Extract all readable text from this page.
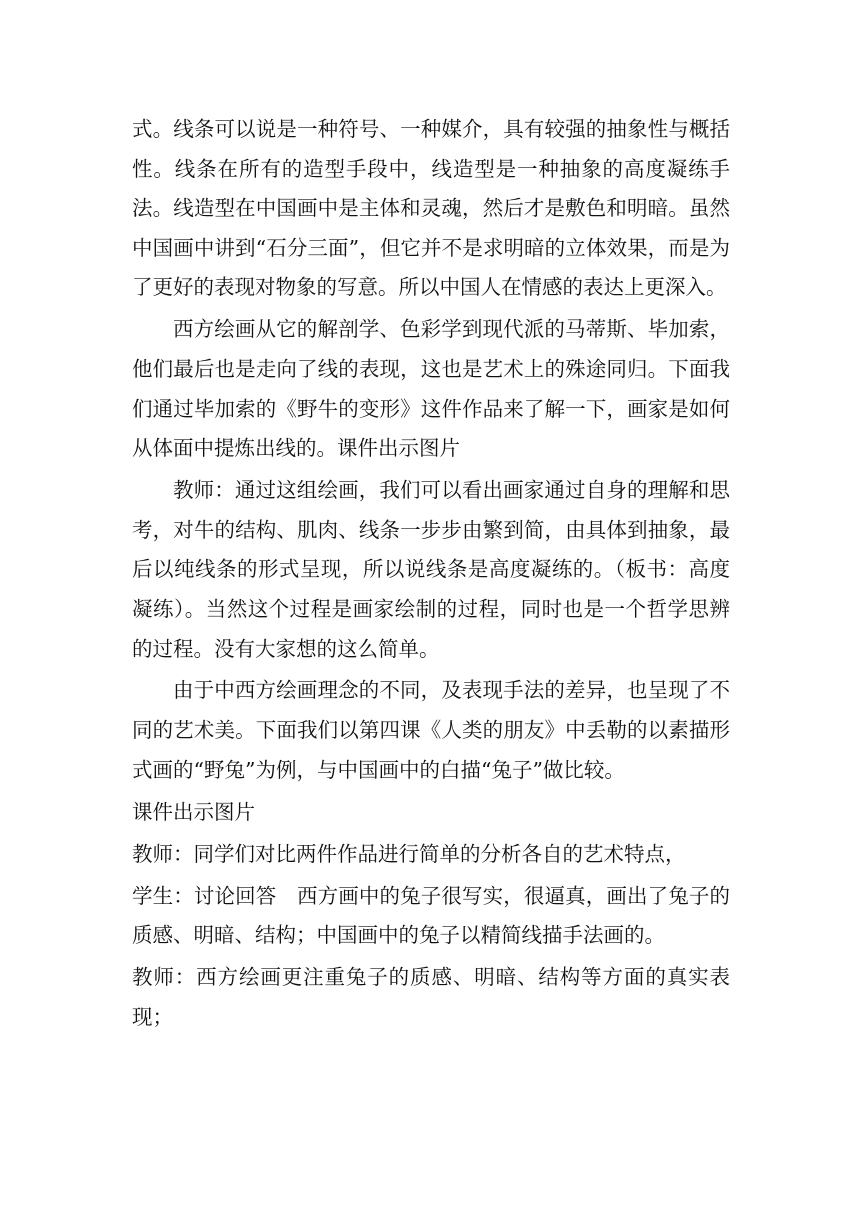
式。线条可以说是一种符号、一种媒介，具有较强的抽象性与概括性。线条在所有的造型手段中，线造型是一种抽象的高度凝练手法。线造型在中国画中是主体和灵魂，然后才是敷色和明暗。虽然中国画中讲到“石分三面”，但它并不是求明暗的立体效果，而是为了更好的表现对物象的写意。所以中国人在情感的表达上更深入。

西方绘画从它的解剖学、色彩学到现代派的马蒂斯、毕加索，他们最后也是走向了线的表现，这也是艺术上的殊途同归。下面我们通过毕加索的《野牛的变形》这件作品来了解一下，画家是如何从体面中提炼出线的。课件出示图片

教师：通过这组绘画，我们可以看出画家通过自身的理解和思考，对牛的结构、肌肉、线条一步步由繁到简，由具体到抽象，最后以纯线条的形式呈现，所以说线条是高度凝练的。（板书：高度凝练）。当然这个过程是画家绘制的过程，同时也是一个哲学思辨的过程。没有大家想的这么简单。

由于中西方绘画理念的不同，及表现手法的差异，也呈现了不同的艺术美。下面我们以第四课《人类的朋友》中丢勒的以素描形式画的“野兔”为例，与中国画中的白描“兔子”做比较。

课件出示图片

教师：同学们对比两件作品进行简单的分析各自的艺术特点，

学生：讨论回答　西方画中的兔子很写实，很逼真，画出了兔子的质感、明暗、结构；中国画中的兔子以精简线描手法画的。

教师：西方绘画更注重兔子的质感、明暗、结构等方面的真实表现；
